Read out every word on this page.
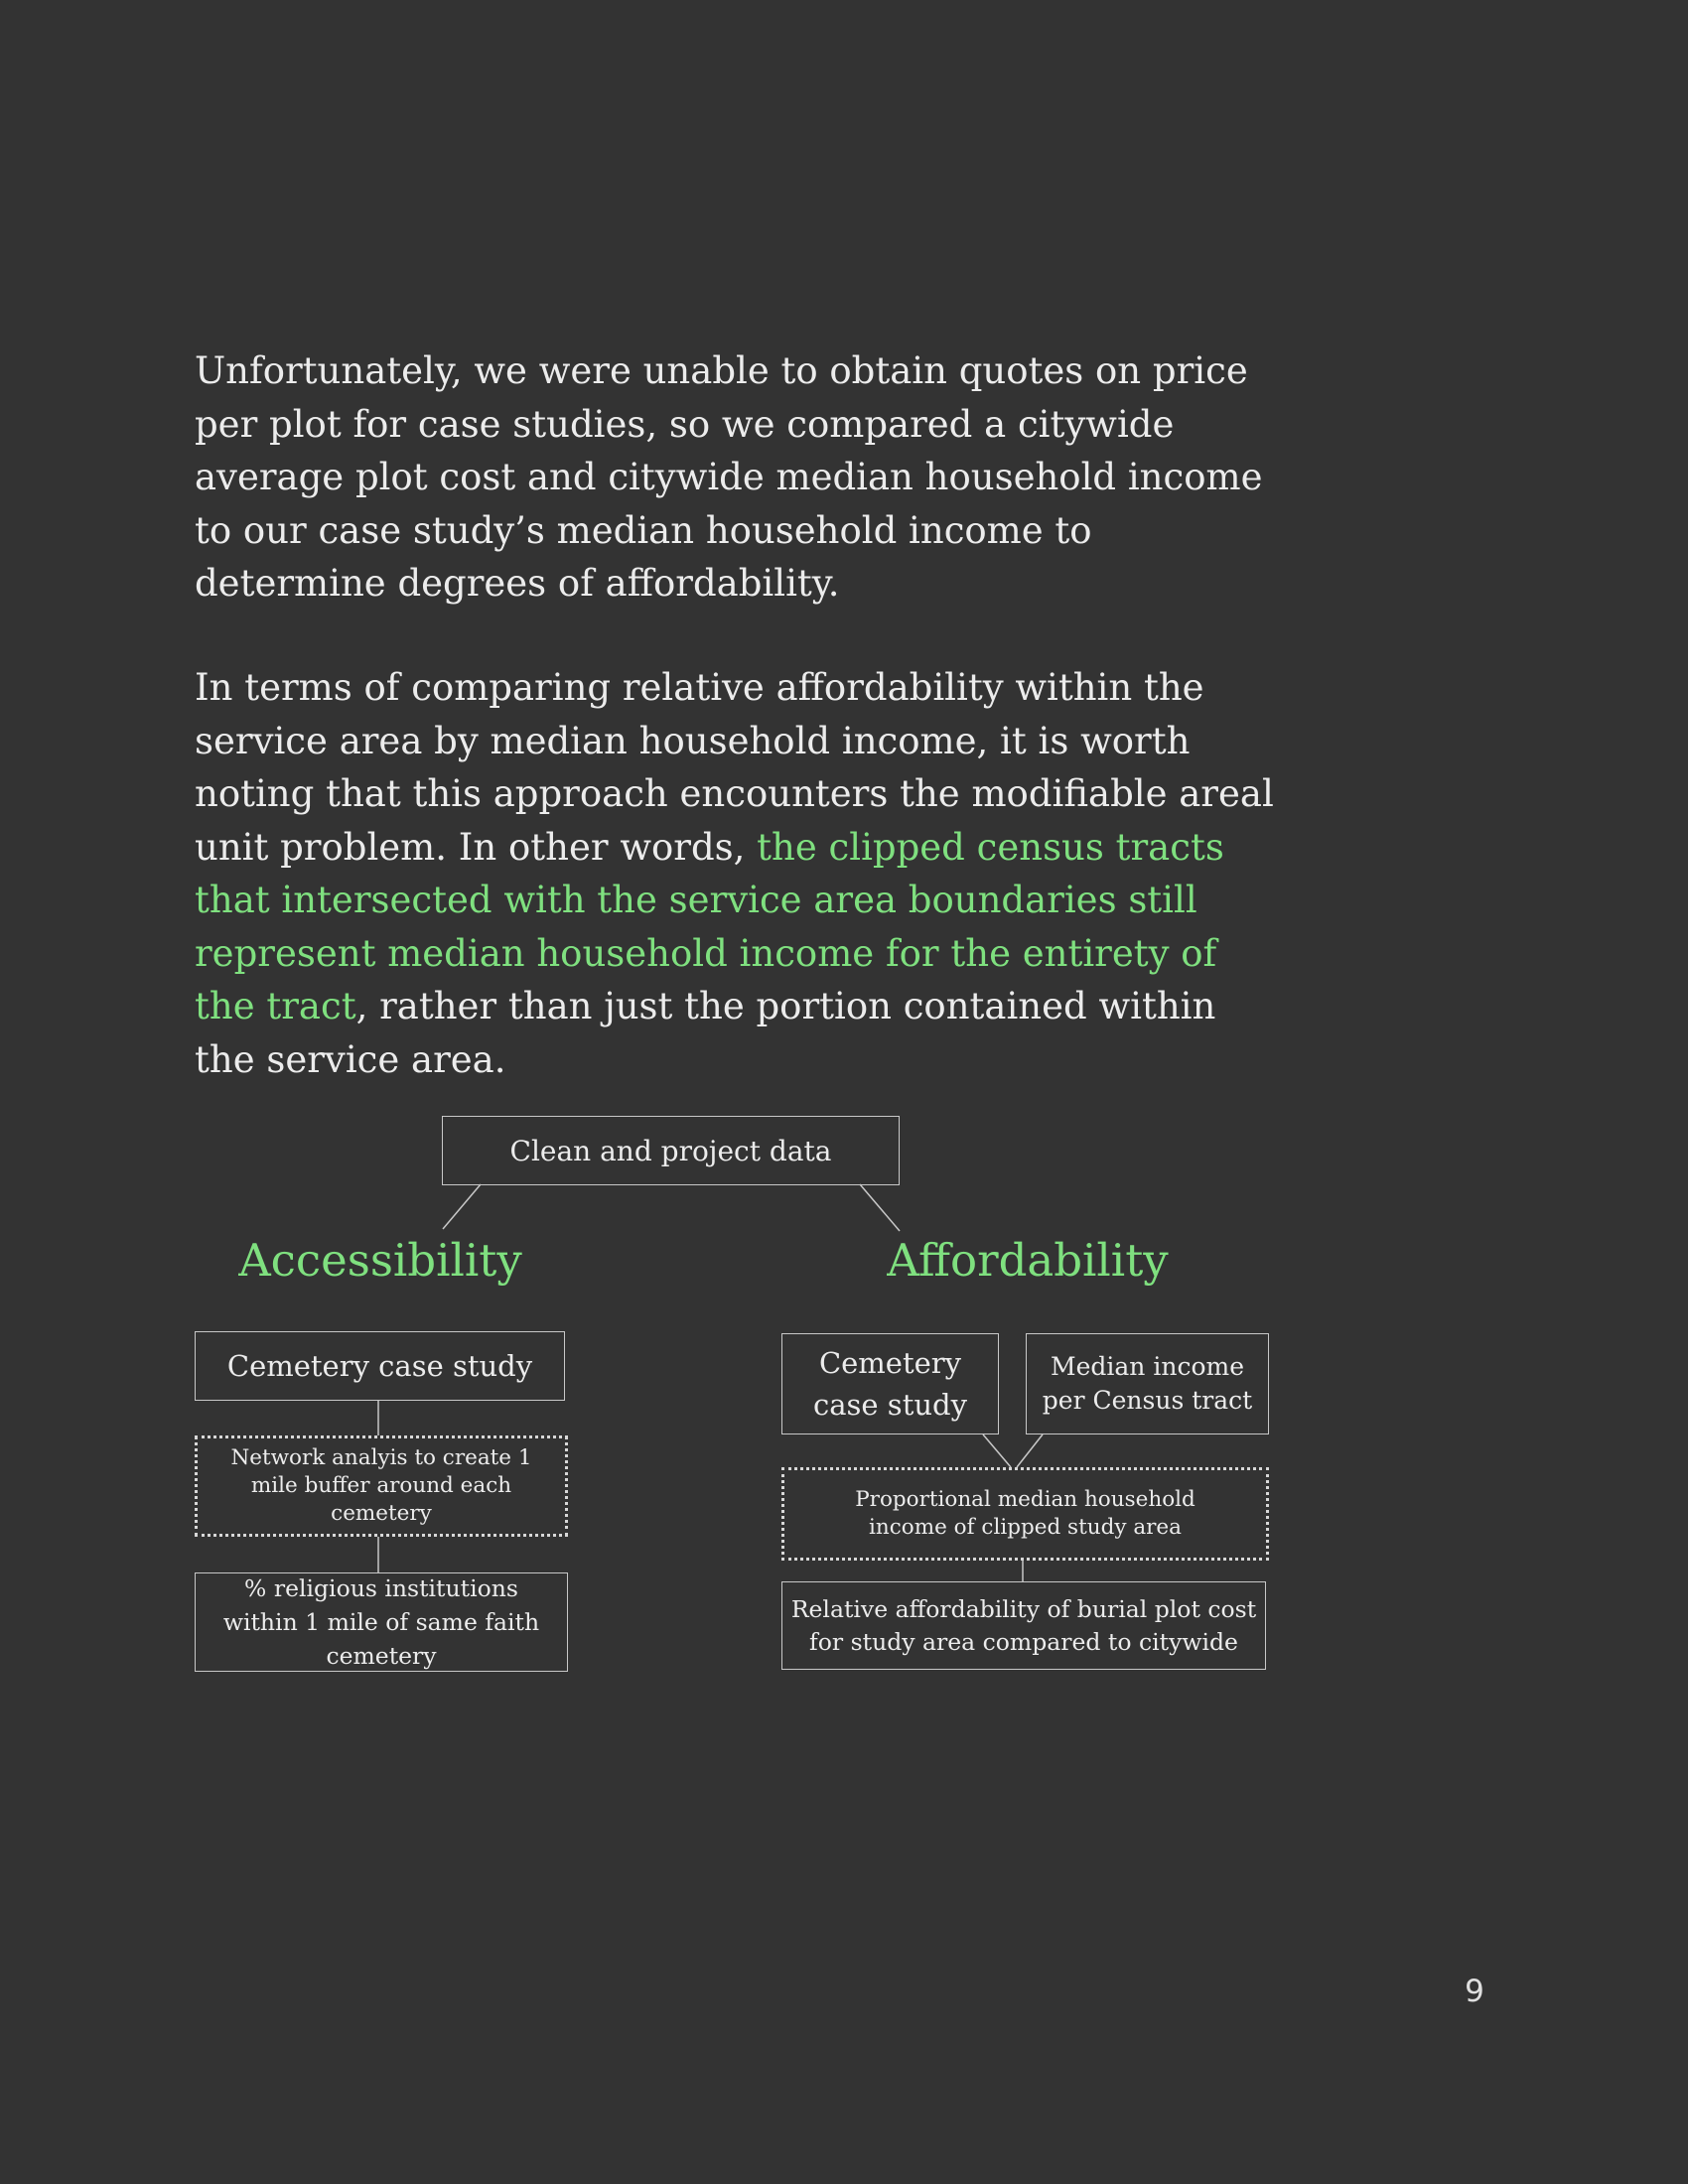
Unfortunately, we were unable to obtain quotes on price per plot for case studies, so we compared a citywide average plot cost and citywide median household income to our case study’s median household income to determine degrees of affordability.

In terms of comparing relative affordability within the service area by median household income, it is worth noting that this approach encounters the modifiable areal unit problem. In other words, the clipped census tracts that intersected with the service area boundaries still represent median household income for the entirety of the tract, rather than just the portion contained within the service area.

Clean and project data
Accessibility	Affordability
Cemetery case study
Network analyis to create 1 mile buffer around each cemetery
% religious institutions within 1 mile of same faith cemetery
Cemetery case study
Median income per Census tract
Proportional median household income of clipped study area
Relative affordability of burial plot cost for study area compared to citywide
9
